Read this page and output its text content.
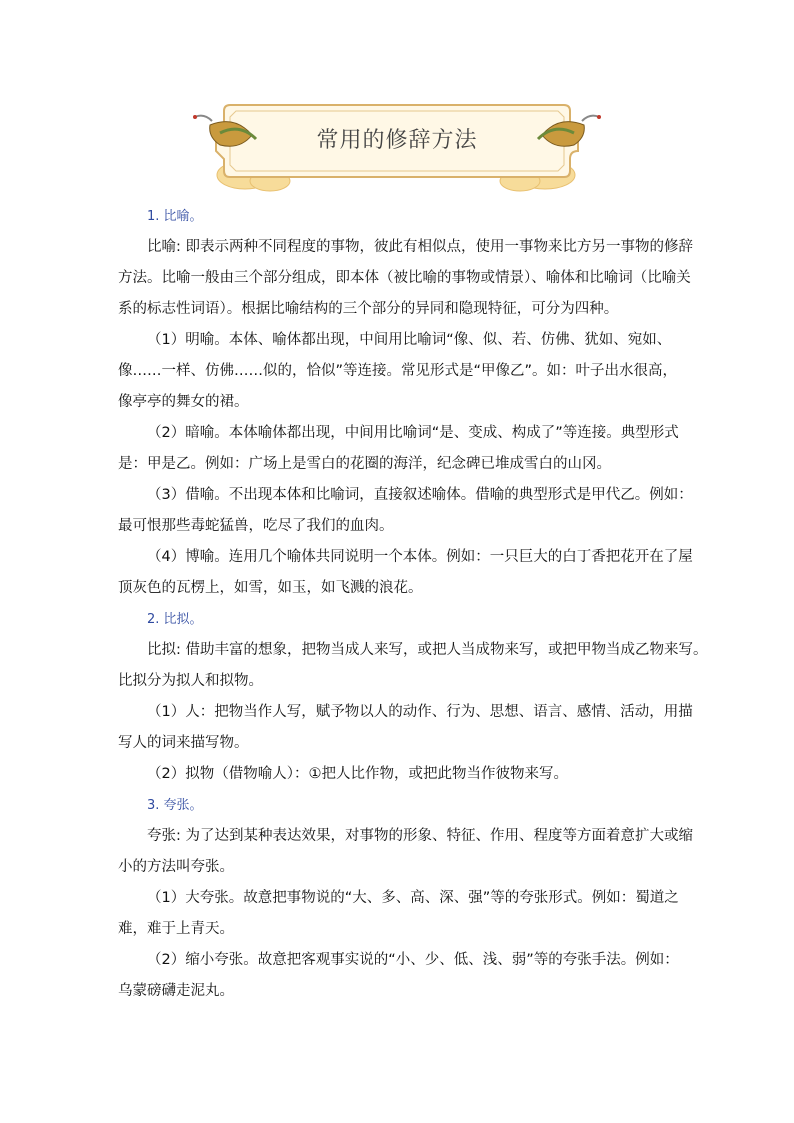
常用的修辞方法
1. 比喻。
比喻: 即表示两种不同程度的事物，彼此有相似点，使用一事物来比方另一事物的修辞
方法。比喻一般由三个部分组成，即本体（被比喻的事物或情景）、喻体和比喻词（比喻关
系的标志性词语）。根据比喻结构的三个部分的异同和隐现特征，可分为四种。
（1）明喻。本体、喻体都出现，中间用比喻词“像、似、若、仿佛、犹如、宛如、
像……一样、仿佛……似的，恰似”等连接。常见形式是“甲像乙”。如：叶子出水很高，
像亭亭的舞女的裙。
（2）暗喻。本体喻体都出现，中间用比喻词“是、变成、构成了”等连接。典型形式
是：甲是乙。例如：广场上是雪白的花圈的海洋，纪念碑已堆成雪白的山冈。
（3）借喻。不出现本体和比喻词，直接叙述喻体。借喻的典型形式是甲代乙。例如：
最可恨那些毒蛇猛兽，吃尽了我们的血肉。
（4）博喻。连用几个喻体共同说明一个本体。例如：一只巨大的白丁香把花开在了屋
顶灰色的瓦楞上，如雪，如玉，如飞溅的浪花。
2. 比拟。
比拟: 借助丰富的想象，把物当成人来写，或把人当成物来写，或把甲物当成乙物来写。
比拟分为拟人和拟物。
（1）人：把物当作人写，赋予物以人的动作、行为、思想、语言、感情、活动，用描
写人的词来描写物。
（2）拟物（借物喻人）：①把人比作物，或把此物当作彼物来写。
3. 夸张。
夸张: 为了达到某种表达效果，对事物的形象、特征、作用、程度等方面着意扩大或缩
小的方法叫夸张。
（1）大夸张。故意把事物说的“大、多、高、深、强”等的夸张形式。例如：蜀道之
难，难于上青天。
（2）缩小夸张。故意把客观事实说的“小、少、低、浅、弱”等的夸张手法。例如：
乌蒙磅礴走泥丸。
